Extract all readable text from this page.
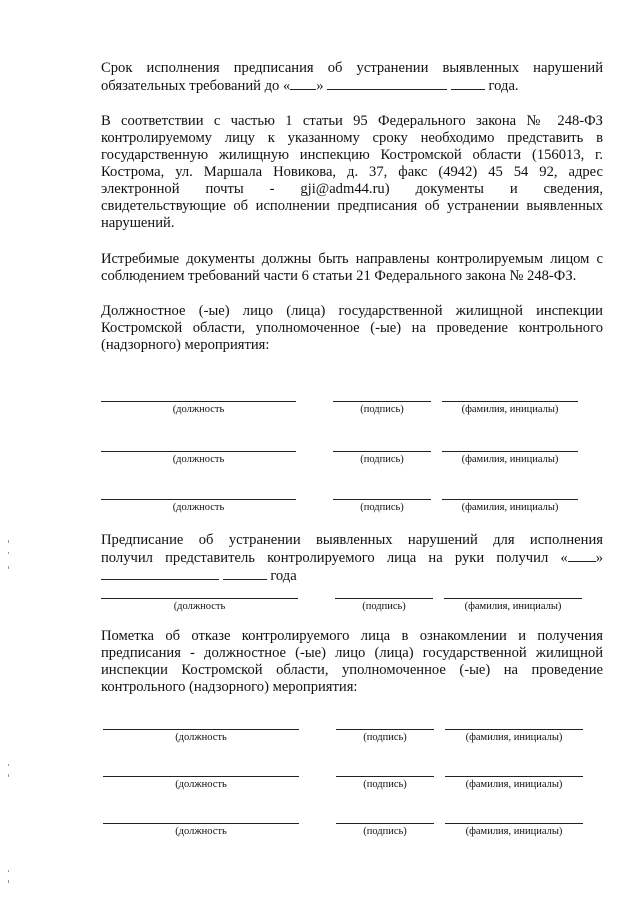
Срок исполнения предписания об устранении выявленных нарушений
обязательных требований до « »	года.
В соответствии с частью 1 статьи 95 Федерального закона № 248-ФЗ
контролируемому лицу к указанному сроку необходимо представить в
государственную жилищную инспекцию Костромской области (156013, г.
Кострома, ул. Маршала Новикова, д. 37, факс (4942) 45 54 92, адрес
электронной почты - gji@adm44.ru) документы и сведения,
свидетельствующие об исполнении предписания об устранении выявленных
нарушений.
Истребимые документы должны быть направлены контролируемым лицом с
соблюдением требований части 6 статьи 21 Федерального закона № 248-ФЗ.
Должностное (-ые) лицо (лица) государственной жилищной инспекции
Костромской области, уполномоченное (-ые) на проведение контрольного
(надзорного) мероприятия:
(должность	(подпись)	(фамилия, инициалы)
(должность	(подпись)	(фамилия, инициалы)
(должность	(подпись)	(фамилия, инициалы)
Предписание об устранении выявленных нарушений для исполнения
получил представитель контролируемого лица на руки получил « »
года
(должность	(подпись)	(фамилия, инициалы)
Пометка об отказе контролируемого лица в ознакомлении и получения
предписания - должностное (-ые) лицо (лица) государственной жилищной
инспекции Костромской области, уполномоченное (-ые) на проведение
контрольного (надзорного) мероприятия:
(должность	(подпись)	(фамилия, инициалы)
(должность	(подпись)	(фамилия, инициалы)
(должность	(подпись)	(фамилия, инициалы)
